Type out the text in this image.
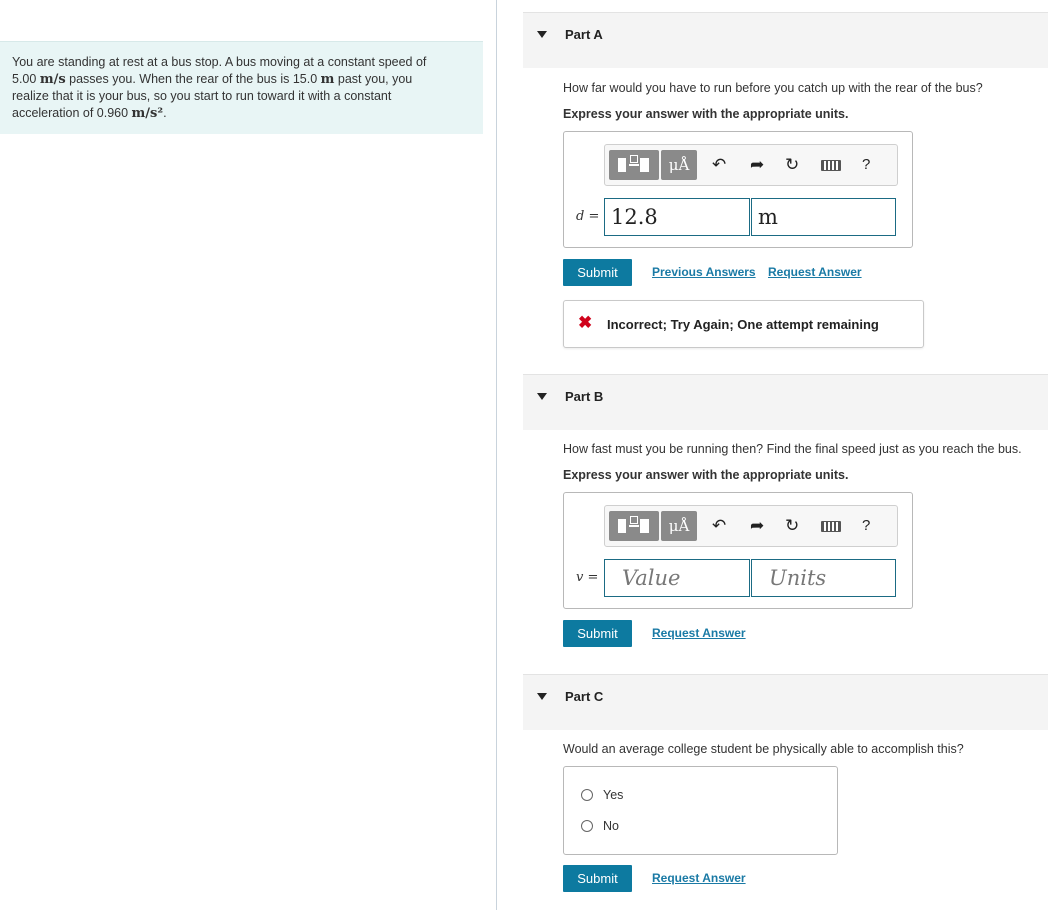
You are standing at rest at a bus stop. A bus moving at a constant speed of
5.00 m/s passes you. When the rear of the bus is 15.0 m past you, you
realize that it is your bus, so you start to run toward it with a constant
acceleration of 0.960 m/s².
Part A
How far would you have to run before you catch up with the rear of the bus?
Express your answer with the appropriate units.
μÅ	↶ ➦ ↻	?
d = 12.8	m
Submit	Previous Answers Request Answer
✖ Incorrect; Try Again; One attempt remaining
Part B
How fast must you be running then? Find the final speed just as you reach the bus.
Express your answer with the appropriate units.
μÅ	↶ ➦ ↻	?
v =	Value	Units
Submit	Request Answer
Part C
Would an average college student be physically able to accomplish this?
Yes
No
Submit	Request Answer
